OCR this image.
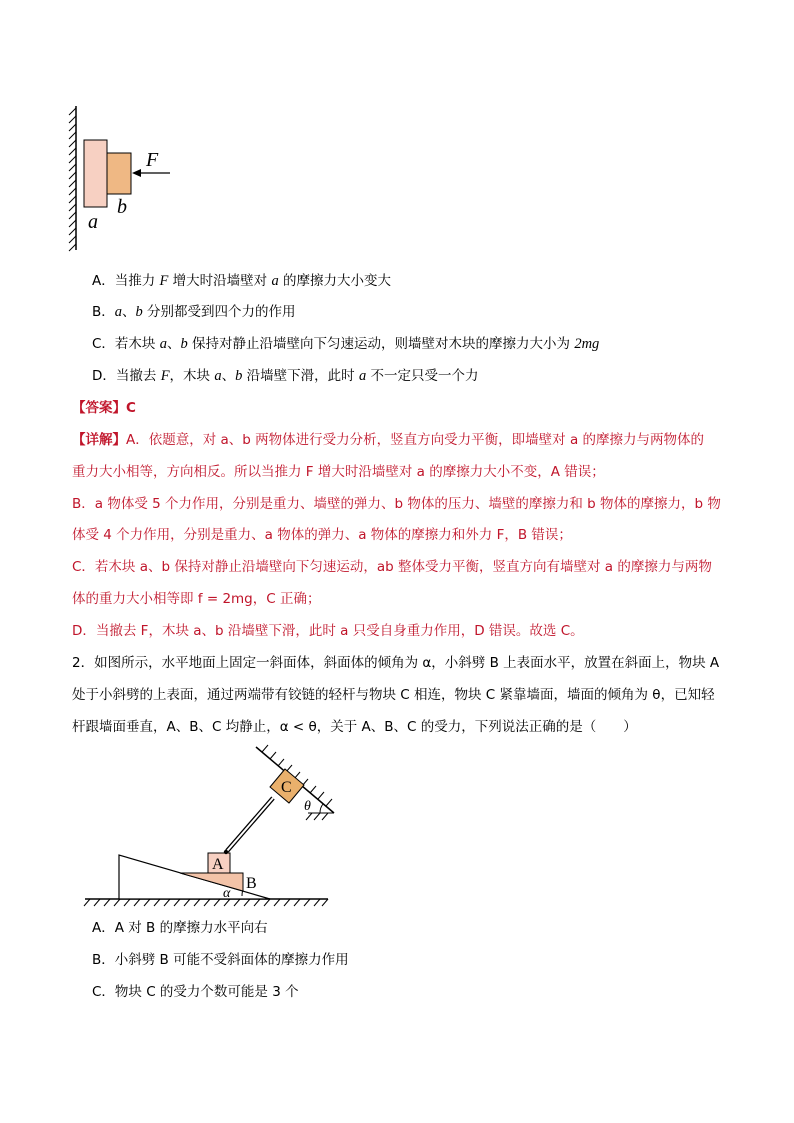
F
b
a
A．当推力 F 增大时沿墙壁对 a 的摩擦力大小变大
B．a、b 分别都受到四个力的作用
C．若木块 a、b 保持对静止沿墙壁向下匀速运动，则墙壁对木块的摩擦力大小为 2mg
D．当撤去 F，木块 a、b 沿墙壁下滑，此时 a 不一定只受一个力
【答案】C
【详解】A．依题意，对 a、b 两物体进行受力分析，竖直方向受力平衡，即墙壁对 a 的摩擦力与两物体的
重力大小相等，方向相反。所以当推力 F 增大时沿墙壁对 a 的摩擦力大小不变，A 错误；
B．a 物体受 5 个力作用，分别是重力、墙壁的弹力、b 物体的压力、墙壁的摩擦力和 b 物体的摩擦力，b 物
体受 4 个力作用，分别是重力、a 物体的弹力、a 物体的摩擦力和外力 F，B 错误；
C．若木块 a、b 保持对静止沿墙壁向下匀速运动，ab 整体受力平衡，竖直方向有墙壁对 a 的摩擦力与两物
体的重力大小相等即 f = 2mg，C 正确；
D．当撤去 F，木块 a、b 沿墙壁下滑，此时 a 只受自身重力作用，D 错误。故选 C。
2．如图所示，水平地面上固定一斜面体，斜面体的倾角为 α，小斜劈 B 上表面水平，放置在斜面上，物块 A
处于小斜劈的上表面，通过两端带有铰链的轻杆与物块 C 相连，物块 C 紧靠墙面，墙面的倾角为 θ，已知轻
杆跟墙面垂直，A、B、C 均静止，α < θ，关于 A、B、C 的受力，下列说法正确的是（　　）
A
B
C
α
θ
A．A 对 B 的摩擦力水平向右
B．小斜劈 B 可能不受斜面体的摩擦力作用
C．物块 C 的受力个数可能是 3 个
